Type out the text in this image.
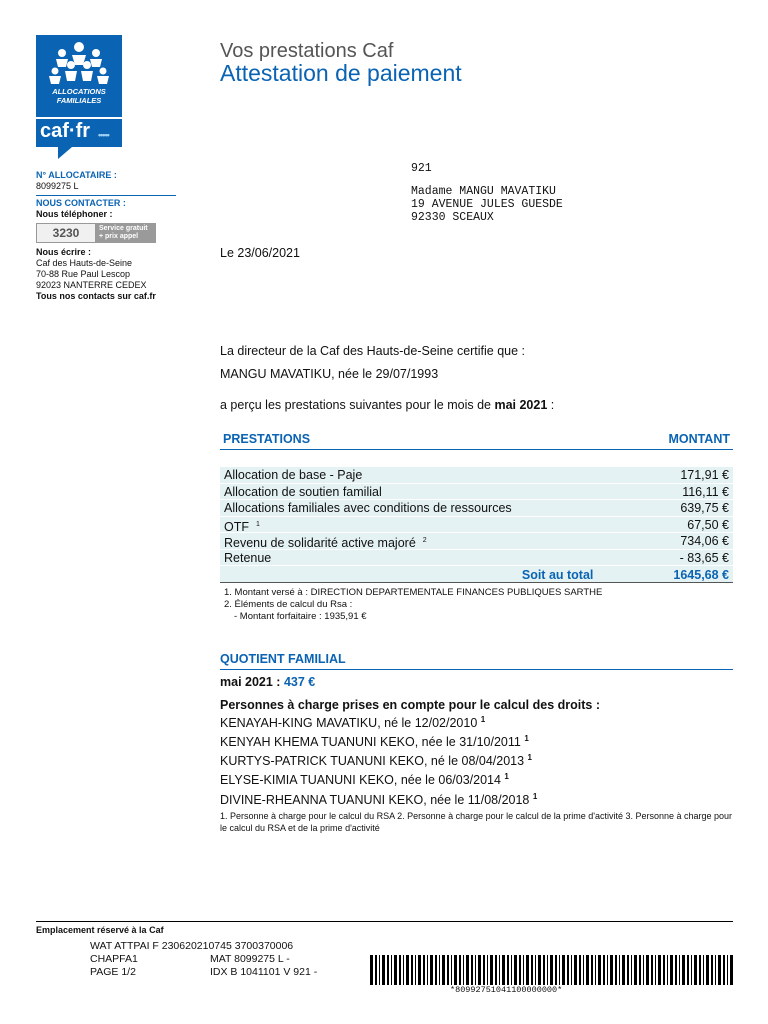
ALLOCATIONS
FAMILIALES
caf·fr •••••
Vos prestations Caf
Attestation de paiement
N° ALLOCATAIRE :
8099275 L
NOUS CONTACTER :
Nous téléphoner :
3230	Service gratuit + prix appel
Nous écrire :
Caf des Hauts-de-Seine
70-88 Rue Paul Lescop
92023 NANTERRE CEDEX
Tous nos contacts sur caf.fr
921
Madame MANGU MAVATIKU
19 AVENUE JULES GUESDE
92330 SCEAUX
Le 23/06/2021
La directeur de la Caf des Hauts-de-Seine certifie que :
MANGU MAVATIKU, née le 29/07/1993
a perçu les prestations suivantes pour le mois de mai 2021 :
PRESTATIONS	MONTANT
Allocation de base - Paje	171,91 €
Allocation de soutien familial	116,11 €
Allocations familiales avec conditions de ressources	639,75 €
OTF $^1$	67,50 €
Revenu de solidarité active majoré $^2$	734,06 €
Retenue	- 83,65 €
Soit au total	1645,68 €
1. Montant versé à : DIRECTION DEPARTEMENTALE FINANCES PUBLIQUES SARTHE
2. Éléments de calcul du Rsa :
- Montant forfaitaire : 1935,91 €
QUOTIENT FAMILIAL
mai 2021 : 437 €
Personnes à charge prises en compte pour le calcul des droits :
KENAYAH-KING MAVATIKU, né le 12/02/2010 $^1$
KENYAH KHEMA TUANUNI KEKO, née le 31/10/2011 $^1$
KURTYS-PATRICK TUANUNI KEKO, né le 08/04/2013 $^1$
ELYSE-KIMIA TUANUNI KEKO, née le 06/03/2014 $^1$
DIVINE-RHEANNA TUANUNI KEKO, née le 11/08/2018 $^1$
1. Personne à charge pour le calcul du RSA 2. Personne à charge pour le calcul de la prime d'activité 3. Personne à charge pour le calcul du RSA et de la prime d'activité
Emplacement réservé à la Caf
WAT ATTPAI F 230620210745 3700370006
CHAPFA1	MAT 8099275 L -
PAGE 1/2	IDX B 1041101 V 921 -
*80992751041100000000*
